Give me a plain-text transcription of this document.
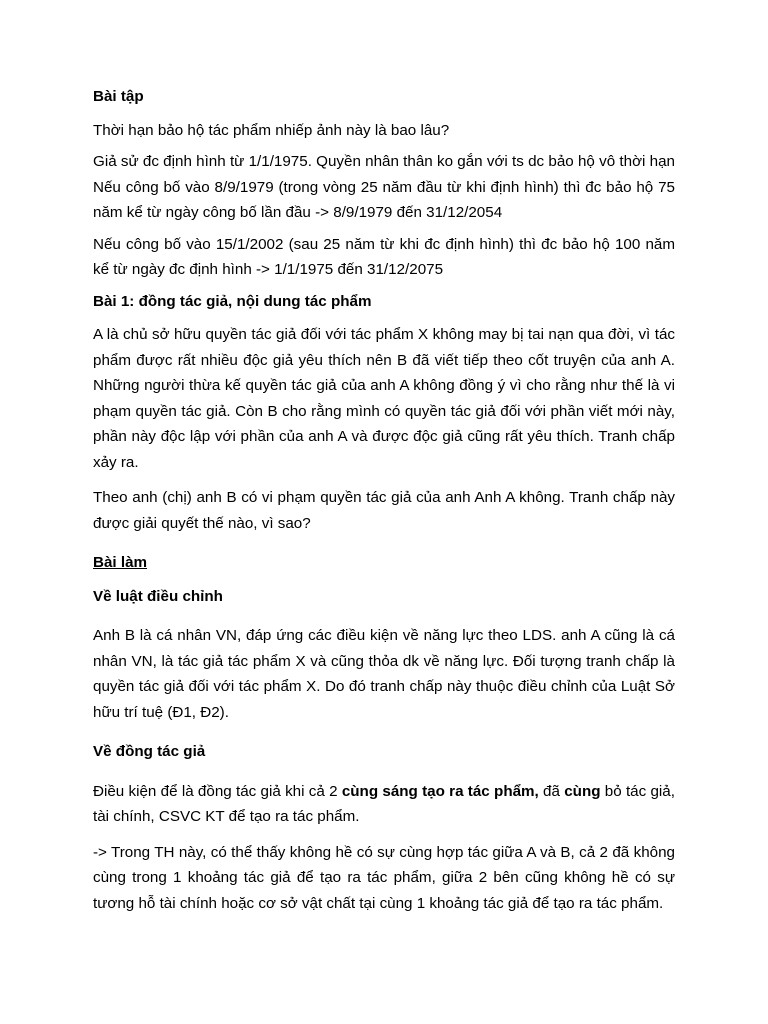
Bài tập
Thời hạn bảo hộ tác phẩm nhiếp ảnh này là bao lâu?
Giả sử đc định hình từ 1/1/1975. Quyền nhân thân ko gắn với ts dc bảo hộ vô thời hạn Nếu công bố vào 8/9/1979 (trong vòng 25 năm đầu từ khi định hình) thì đc bảo hộ 75 năm kể từ ngày công bố lần đầu -> 8/9/1979 đến 31/12/2054
Nếu công bố vào 15/1/2002 (sau 25 năm từ khi đc định hình) thì đc bảo hộ 100 năm kể từ ngày đc định hình -> 1/1/1975 đến 31/12/2075
Bài 1: đồng tác giả, nội dung tác phẩm
A là chủ sở hữu quyền tác giả đối với tác phẩm X không may bị tai nạn qua đời, vì tác phẩm được rất nhiều độc giả yêu thích nên B đã viết tiếp theo cốt truyện của anh A. Những người thừa kế quyền tác giả của anh A không đồng ý vì cho rằng như thế là vi phạm quyền tác giả. Còn B cho rằng mình có quyền tác giả đối với phần viết mới này, phần này độc lập với phần của anh A và được độc giả cũng rất yêu thích. Tranh chấp xảy ra.
Theo anh (chị) anh B có vi phạm quyền tác giả của anh Anh A không. Tranh chấp này được giải quyết thế nào, vì sao?
Bài làm
Về luật điều chỉnh
Anh B là cá nhân VN, đáp ứng các điều kiện về năng lực theo LDS. anh A cũng là cá nhân VN, là tác giả tác phẩm X và cũng thỏa dk về năng lực. Đối tượng tranh chấp là quyền tác giả đối với tác phẩm X. Do đó tranh chấp này thuộc điều chỉnh của Luật Sở hữu trí tuệ (Đ1, Đ2).
Về đồng tác giả
Điều kiện để là đồng tác giả khi cả 2 cùng sáng tạo ra tác phẩm, đã cùng bỏ tác giả, tài chính, CSVC KT để tạo ra tác phẩm.
-> Trong TH này, có thể thấy không hề có sự cùng hợp tác giữa A và B, cả 2 đã không cùng trong 1 khoảng tác giả để tạo ra tác phẩm, giữa 2 bên cũng không hề có sự tương hỗ tài chính hoặc cơ sở vật chất tại cùng 1 khoảng tác giả để tạo ra tác phẩm.
